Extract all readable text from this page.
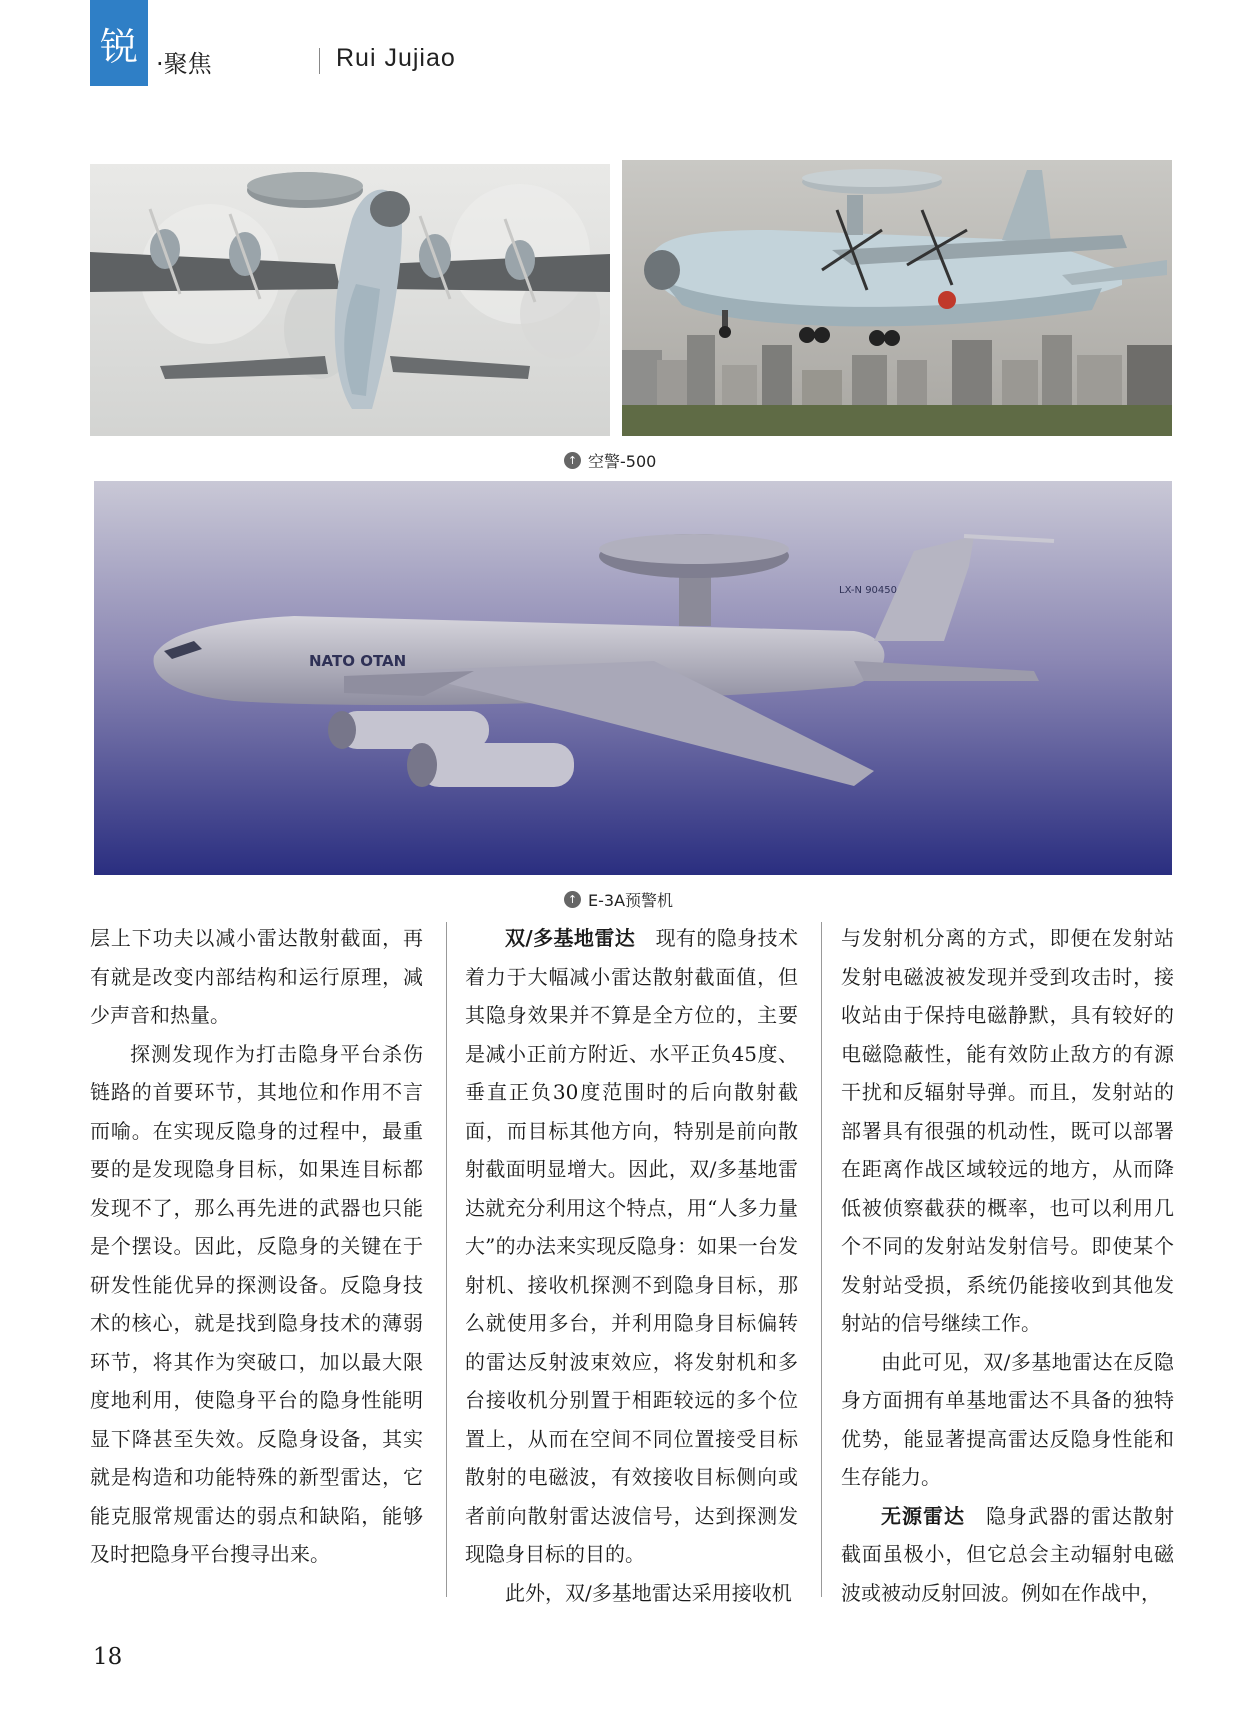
锐 ·聚焦	Rui Jujiao
↑ 空警-500
NATO OTAN
LX-N 90450
↑ E-3A预警机

层上下功夫以减小雷达散射截面，再有就是改变内部结构和运行原理，减少声音和热量。

探测发现作为打击隐身平台杀伤链路的首要环节，其地位和作用不言而喻。在实现反隐身的过程中，最重要的是发现隐身目标，如果连目标都发现不了，那么再先进的武器也只能是个摆设。因此，反隐身的关键在于研发性能优异的探测设备。反隐身技术的核心，就是找到隐身技术的薄弱环节，将其作为突破口，加以最大限度地利用，使隐身平台的隐身性能明显下降甚至失效。反隐身设备，其实就是构造和功能特殊的新型雷达，它能克服常规雷达的弱点和缺陷，能够及时把隐身平台搜寻出来。

双/多基地雷达　 现有的隐身技术着力于大幅减小雷达散射截面值，但其隐身效果并不算是全方位的，主要是减小正前方附近、水平正负45度、垂直正负30度范围时的后向散射截面，而目标其他方向，特别是前向散射截面明显增大。因此，双/多基地雷达就充分利用这个特点，用“人多力量大”的办法来实现反隐身：如果一台发射机、接收机探测不到隐身目标，那么就使用多台，并利用隐身目标偏转的雷达反射波束效应，将发射机和多台接收机分别置于相距较远的多个位置上，从而在空间不同位置接受目标散射的电磁波，有效接收目标侧向或者前向散射雷达波信号，达到探测发现隐身目标的目的。

此外，双/多基地雷达采用接收机

与发射机分离的方式，即便在发射站发射电磁波被发现并受到攻击时，接收站由于保持电磁静默，具有较好的电磁隐蔽性，能有效防止敌方的有源干扰和反辐射导弹。而且，发射站的部署具有很强的机动性，既可以部署在距离作战区域较远的地方，从而降低被侦察截获的概率，也可以利用几个不同的发射站发射信号。即使某个发射站受损，系统仍能接收到其他发射站的信号继续工作。

由此可见，双/多基地雷达在反隐身方面拥有单基地雷达不具备的独特优势，能显著提高雷达反隐身性能和生存能力。

无源雷达　 隐身武器的雷达散射截面虽极小，但它总会主动辐射电磁波或被动反射回波。例如在作战中，

18
